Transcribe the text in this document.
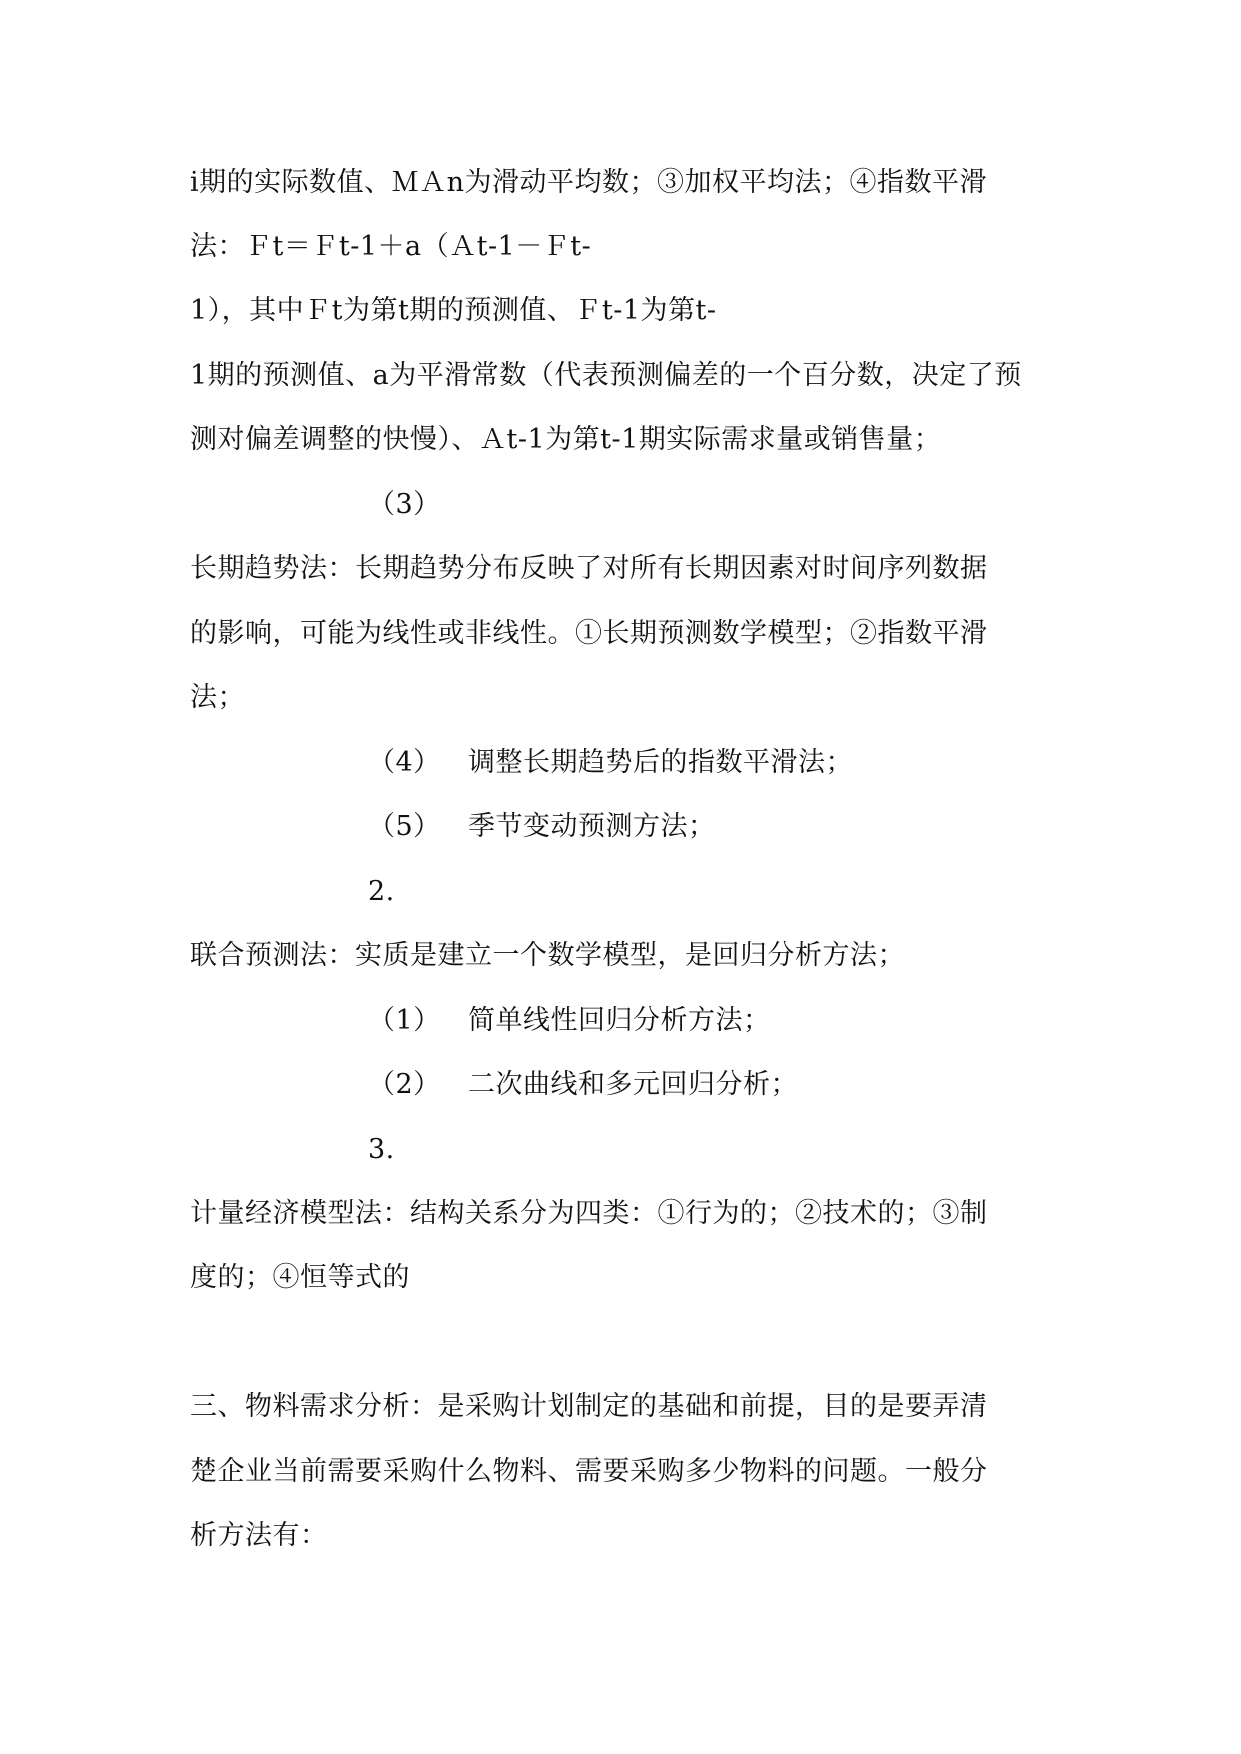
i期的实际数值、ＭＡn为滑动平均数；③加权平均法；④指数平滑
法：Ｆt＝Ｆt-1＋a（Ａt-1－Ｆt-
1），其中Ｆt为第t期的预测值、Ｆt-1为第t-
1期的预测值、a为平滑常数（代表预测偏差的一个百分数，决定了预
测对偏差调整的快慢）、Ａt-1为第t-1期实际需求量或销售量；
（3）
长期趋势法：长期趋势分布反映了对所有长期因素对时间序列数据
的影响，可能为线性或非线性。①长期预测数学模型；②指数平滑
法；
（4） 调整长期趋势后的指数平滑法；
（5） 季节变动预测方法；
2.
联合预测法：实质是建立一个数学模型，是回归分析方法；
（1） 简单线性回归分析方法；
（2） 二次曲线和多元回归分析；
3.
计量经济模型法：结构关系分为四类：①行为的；②技术的；③制
度的；④恒等式的
三、物料需求分析：是采购计划制定的基础和前提，目的是要弄清
楚企业当前需要采购什么物料、需要采购多少物料的问题。一般分
析方法有：
